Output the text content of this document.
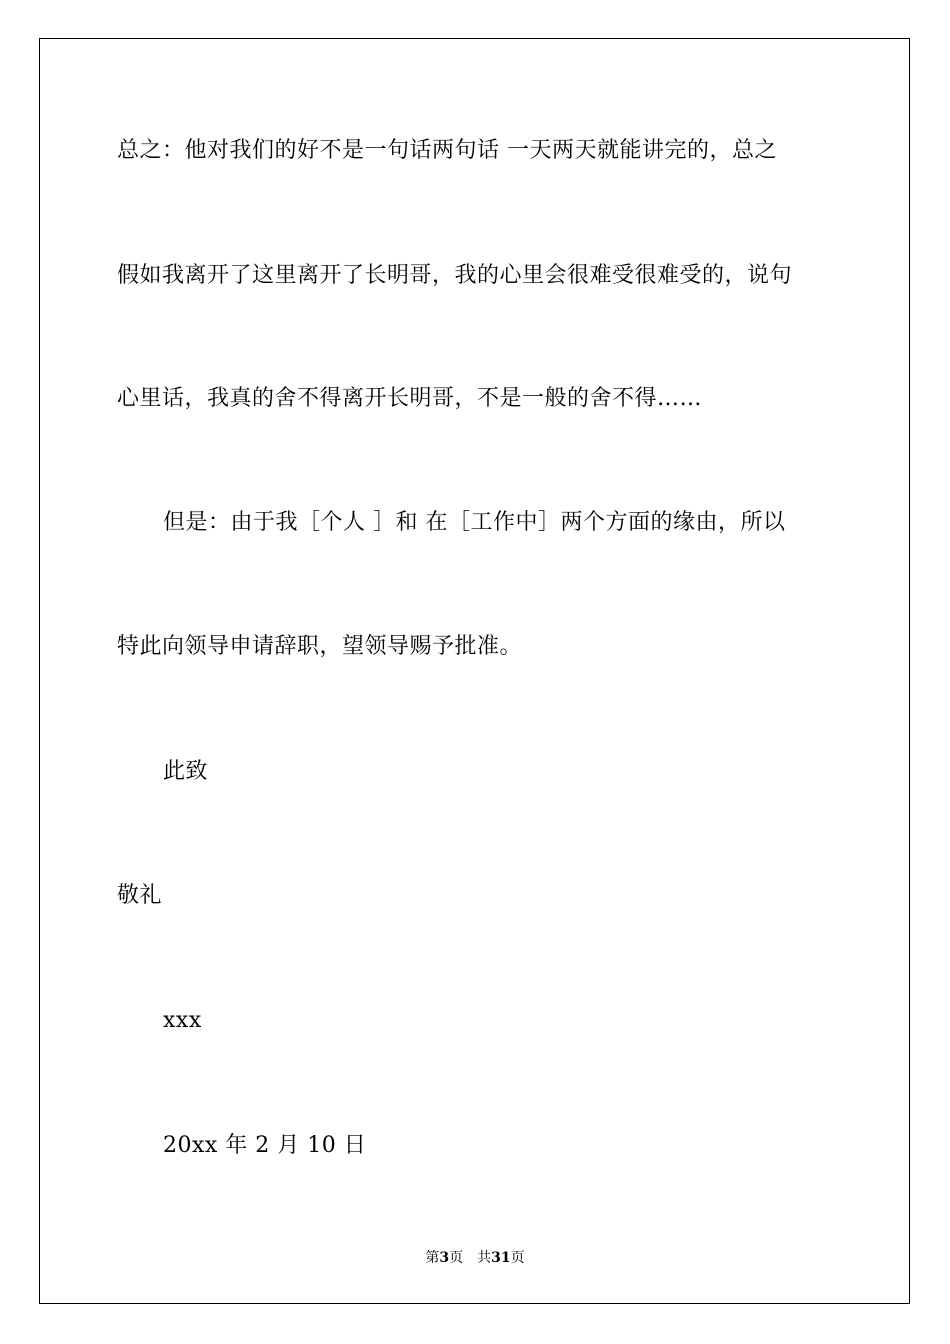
总之：他对我们的好不是一句话两句话 一天两天就能讲完的，总之
假如我离开了这里离开了长明哥，我的心里会很难受很难受的，说句
心里话，我真的舍不得离开长明哥，不是一般的舍不得……
但是：由于我［个人 ］和 在［工作中］两个方面的缘由，所以
特此向领导申请辞职，望领导赐予批准。
此致
敬礼
xxx
20xx 年 2 月 10 日
第3页 共31页
